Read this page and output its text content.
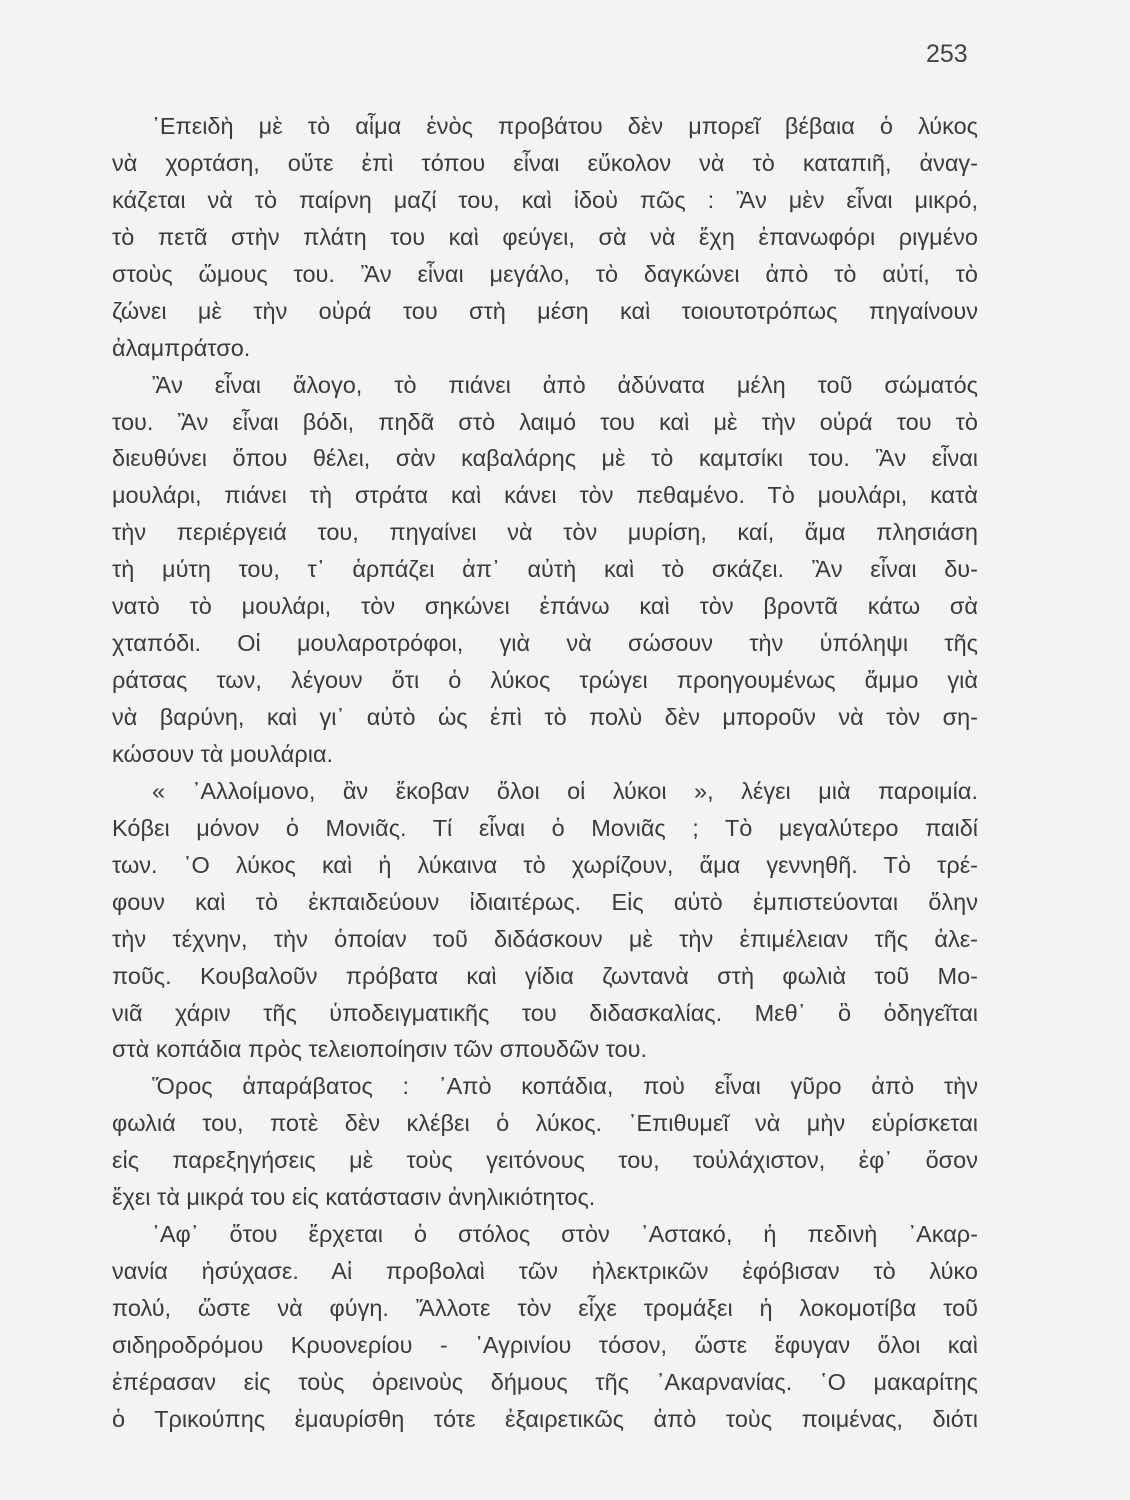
253
᾽Επειδὴ μὲ τὸ αἷμα ἑνὸς προβάτου δὲν μπορεῖ βέβαια ὁ λύκος
νὰ χορτάση, οὔτε ἐπὶ τόπου εἶναι εὔκολον νὰ τὸ καταπιῆ, ἀναγ-
κάζεται νὰ τὸ παίρνη μαζί του, καὶ ἰδοὺ πῶς : Ἂν μὲν εἶναι μικρό,
τὸ πετᾶ στὴν πλάτη του καὶ φεύγει, σὰ νὰ ἔχη ἐπανωφόρι ριγμένο
στοὺς ὤμους του. Ἂν εἶναι μεγάλο, τὸ δαγκώνει ἀπὸ τὸ αὐτί, τὸ
ζώνει μὲ τὴν οὐρά του στὴ μέση καὶ τοιουτοτρόπως πηγαίνουν
ἀλαμπράτσο.
Ἂν εἶναι ἄλογο, τὸ πιάνει ἀπὸ ἀδύνατα μέλη τοῦ σώματός
του. Ἂν εἶναι βόδι, πηδᾶ στὸ λαιμό του καὶ μὲ τὴν οὐρά του τὸ
διευθύνει ὅπου θέλει, σὰν καβαλάρης μὲ τὸ καμτσίκι του. Ἂν εἶναι
μουλάρι, πιάνει τὴ στράτα καὶ κάνει τὸν πεθαμένο. Τὸ μουλάρι, κατὰ
τὴν περιέργειά του, πηγαίνει νὰ τὸν μυρίση, καί, ἅμα πλησιάση
τὴ μύτη του, τ᾽ ἁρπάζει ἀπ᾽ αὐτὴ καὶ τὸ σκάζει. Ἂν εἶναι δυ-
νατὸ τὸ μουλάρι, τὸν σηκώνει ἐπάνω καὶ τὸν βροντᾶ κάτω σὰ
χταπόδι. Οἱ μουλαροτρόφοι, γιὰ νὰ σώσουν τὴν ὑπόληψι τῆς
ράτσας των, λέγουν ὅτι ὁ λύκος τρώγει προηγουμένως ἄμμο γιὰ
νὰ βαρύνη, καὶ γι᾽ αὐτὸ ὡς ἐπὶ τὸ πολὺ δὲν μποροῦν νὰ τὸν ση-
κώσουν τὰ μουλάρια.
« ᾽Αλλοίμονο, ἂν ἔκοβαν ὅλοι οἱ λύκοι », λέγει μιὰ παροιμία.
Κόβει μόνον ὁ Μονιᾶς. Τί εἶναι ὁ Μονιᾶς ; Τὸ μεγαλύτερο παιδί
των. ῾Ο λύκος καὶ ἡ λύκαινα τὸ χωρίζουν, ἅμα γεννηθῆ. Τὸ τρέ-
φουν καὶ τὸ ἐκπαιδεύουν ἰδιαιτέρως. Εἰς αὐτὸ ἐμπιστεύονται ὅλην
τὴν τέχνην, τὴν ὁποίαν τοῦ διδάσκουν μὲ τὴν ἐπιμέλειαν τῆς ἀλε-
ποῦς. Κουβαλοῦν πρόβατα καὶ γίδια ζωντανὰ στὴ φωλιὰ τοῦ Μο-
νιᾶ χάριν τῆς ὑποδειγματικῆς του διδασκαλίας. Μεθ᾽ ὃ ὁδηγεῖται
στὰ κοπάδια πρὸς τελειοποίησιν τῶν σπουδῶν του.
Ὅρος ἀπαράβατος : ᾽Απὸ κοπάδια, ποὺ εἶναι γῦρο ἀπὸ τὴν
φωλιά του, ποτὲ δὲν κλέβει ὁ λύκος. ᾽Επιθυμεῖ νὰ μὴν εὑρίσκεται
εἰς παρεξηγήσεις μὲ τοὺς γειτόνους του, τοὐλάχιστον, ἐφ᾽ ὅσον
ἔχει τὰ μικρά του εἰς κατάστασιν ἀνηλικιότητος.
᾽Αφ᾽ ὅτου ἔρχεται ὁ στόλος στὸν ᾽Αστακό, ἡ πεδινὴ ᾽Ακαρ-
νανία ἡσύχασε. Αἱ προβολαὶ τῶν ἠλεκτρικῶν ἐφόβισαν τὸ λύκο
πολύ, ὥστε νὰ φύγη. Ἄλλοτε τὸν εἶχε τρομάξει ἡ λοκομοτίβα τοῦ
σιδηροδρόμου Κρυονερίου - ᾽Αγρινίου τόσον, ὥστε ἔφυγαν ὅλοι καὶ
ἐπέρασαν εἰς τοὺς ὀρεινοὺς δήμους τῆς ᾽Ακαρνανίας. ῾Ο μακαρίτης
ὁ Τρικούπης ἐμαυρίσθη τότε ἐξαιρετικῶς ἀπὸ τοὺς ποιμένας, διότι
